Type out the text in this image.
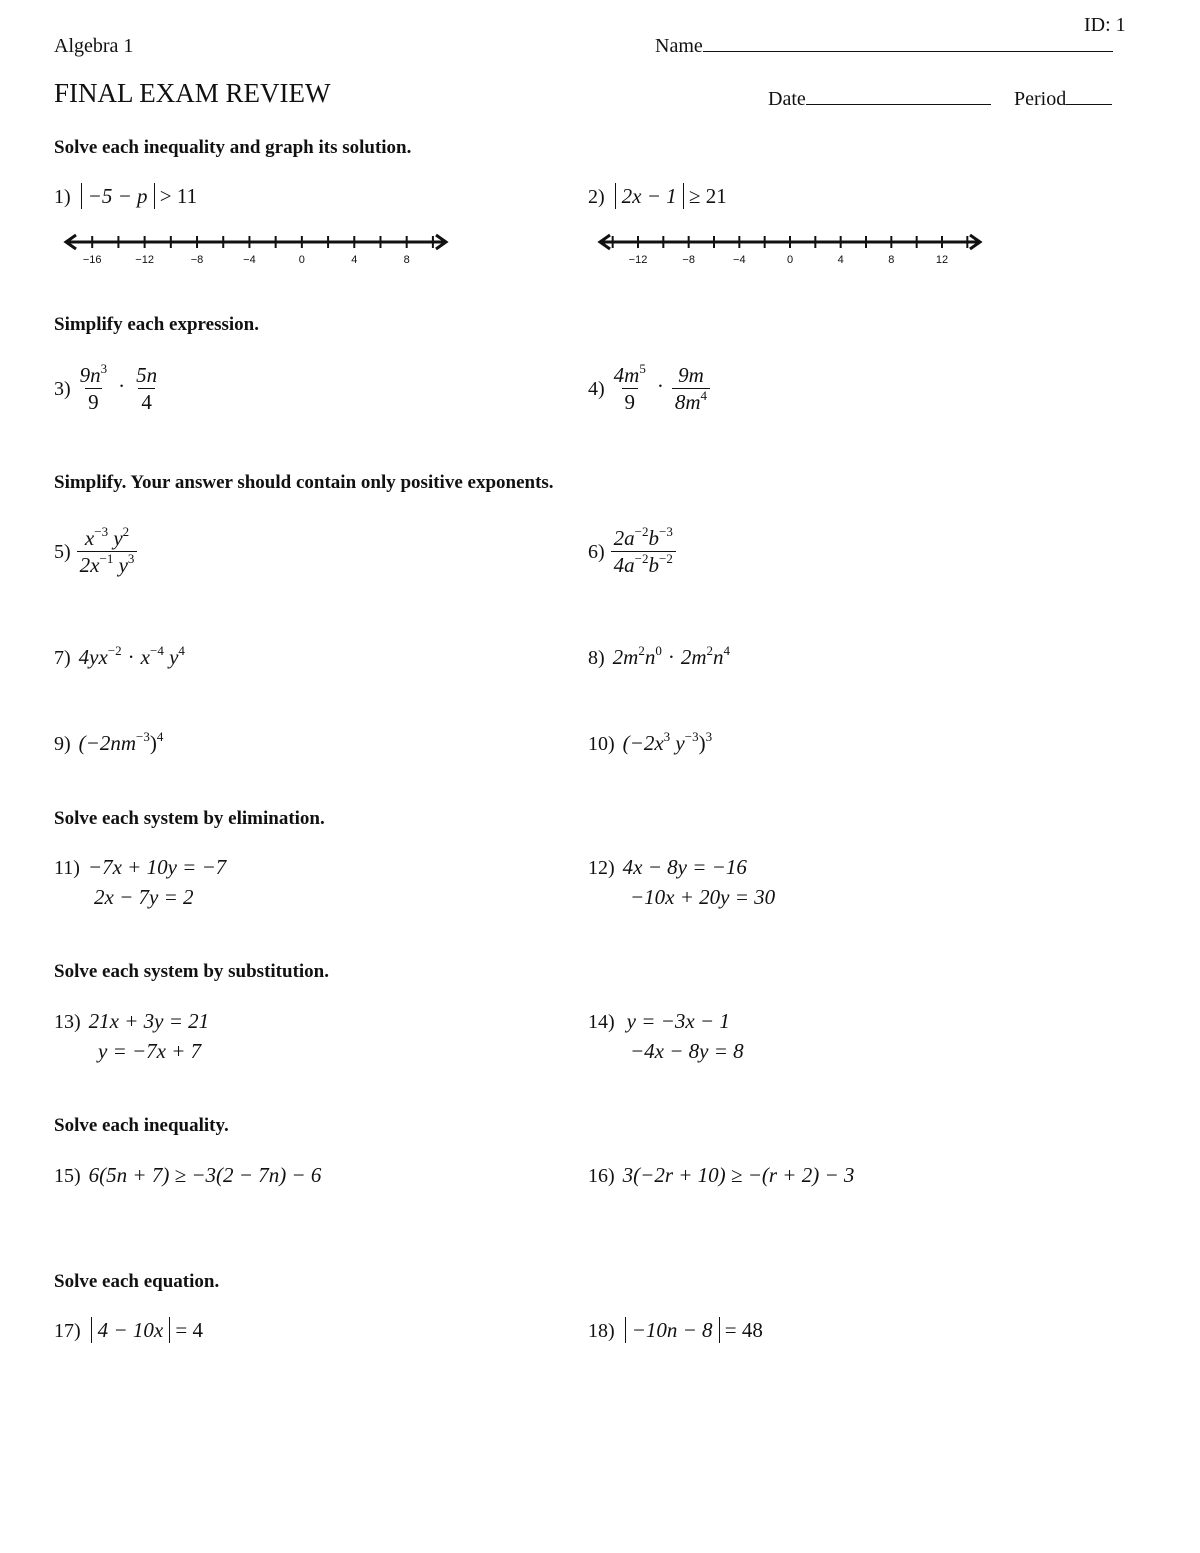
ID: 1
Algebra 1	Name
FINAL EXAM REVIEW	Date	Period
Solve each inequality and graph its solution.
1) −5 − p > 11	2) 2x − 1 ≥ 21
−16	−12	−8	−4	0	4	8	−12	−8	−4	0	4	8	12
Simplify each expression.
$3) \frac{9n^3}{9} \cdot \frac{5n}{4}$	$4) \frac{4m^5}{9} \cdot \frac{9m}{8m^4}$
Simplify. Your answer should contain only positive exponents.
$5) \frac{x^{-3} y^2}{2x^{-1} y^3}$	$6) \frac{2a^{-2}b^{-3}}{4a^{-2}b^{-2}}$
7) $4yx^{-2} \cdot x^{-4}$ $y^4$	8) $2m^2n^0 \cdot 2m^2n^4$
9) $(-2nm^{-3})^4$	10) ($-2x^3$ $y^{-3})^3$
Solve each system by elimination.
11) −7x + 10y = −7
2x − 7y = 2
12) 4x − 8y = −16
−10x + 20y = 30
Solve each system by substitution.
13) 21x + 3y = 21
y = −7x + 7
14) y = −3x − 1
−4x − 8y = 8
Solve each inequality.
15) 6(5n + 7) ≥ −3(2 − 7n) − 6	16) 3(−2r + 10) ≥ −(r + 2) − 3
Solve each equation.
17) 4 − 10x = 4	18) −10n − 8 = 48
